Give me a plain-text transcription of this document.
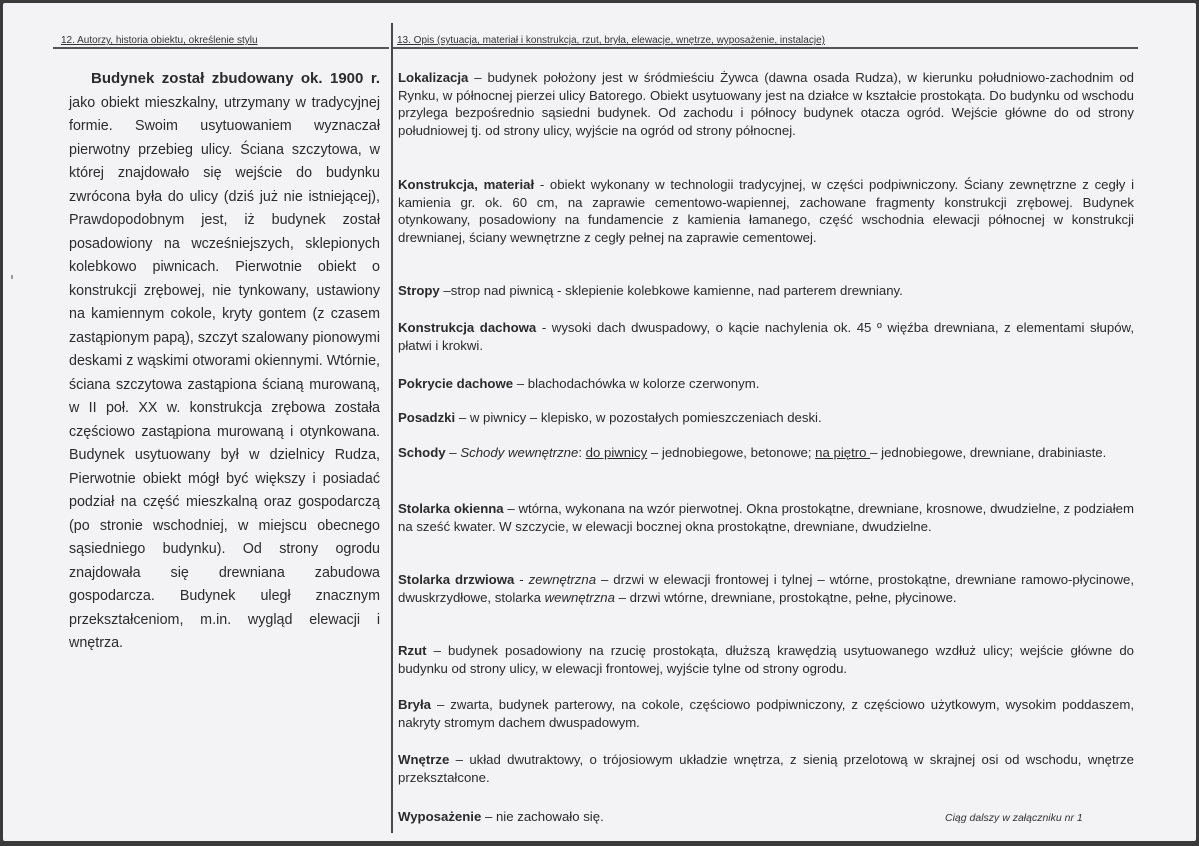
12. Autorzy, historia obiektu, określenie stylu	13. Opis (sytuacja, materiał i konstrukcja, rzut, bryła, elewacje, wnętrze, wyposażenie, instalacje)

Budynek został zbudowany ok. 1900 r. jako obiekt mieszkalny, utrzymany w tradycyjnej formie. Swoim usytuowaniem wyznaczał pierwotny przebieg ulicy. Ściana szczytowa, w której znajdowało się wejście do budynku zwrócona była do ulicy (dziś już nie istniejącej), Prawdopodobnym jest, iż budynek został posadowiony na wcześniejszych, sklepionych kolebkowo piwnicach. Pierwotnie obiekt o konstrukcji zrębowej, nie tynkowany, ustawiony na kamiennym cokole, kryty gontem (z czasem zastąpionym papą), szczyt szalowany pionowymi deskami z wąskimi otworami okiennymi. Wtórnie, ściana szczytowa zastąpiona ścianą murowaną, w II poł. XX w. konstrukcja zrębowa została częściowo zastąpiona murowaną i otynkowana. Budynek usytuowany był w dzielnicy Rudza, Pierwotnie obiekt mógł być większy i posiadać podział na część mieszkalną oraz gospodarczą (po stronie wschodniej, w miejscu obecnego sąsiedniego budynku). Od strony ogrodu znajdowała się drewniana zabudowa gospodarcza. Budynek uległ znacznym przekształceniom, m.in. wygląd elewacji i wnętrza.

Lokalizacja – budynek położony jest w śródmieściu Żywca (dawna osada Rudza), w kierunku południowo-zachodnim od Rynku, w północnej pierzei ulicy Batorego. Obiekt usytuowany jest na działce w kształcie prostokąta. Do budynku od wschodu przylega bezpośrednio sąsiedni budynek. Od zachodu i północy budynek otacza ogród. Wejście główne do od strony południowej tj. od strony ulicy, wyjście na ogród od strony północnej.
Konstrukcja, materiał - obiekt wykonany w technologii tradycyjnej, w części podpiwniczony. Ściany zewnętrzne z cegły i kamienia gr. ok. 60 cm, na zaprawie cementowo-wapiennej, zachowane fragmenty konstrukcji zrębowej. Budynek otynkowany, posadowiony na fundamencie z kamienia łamanego, część wschodnia elewacji północnej w konstrukcji drewnianej, ściany wewnętrzne z cegły pełnej na zaprawie cementowej.
Stropy –strop nad piwnicą - sklepienie kolebkowe kamienne, nad parterem drewniany.
Konstrukcja dachowa - wysoki dach dwuspadowy, o kącie nachylenia ok. 45 º więźba drewniana, z elementami słupów, płatwi i krokwi.
Pokrycie dachowe – blachodachówka w kolorze czerwonym.
Posadzki – w piwnicy – klepisko, w pozostałych pomieszczeniach deski.
Schody – Schody wewnętrzne: do piwnicy – jednobiegowe, betonowe; na piętro – jednobiegowe, drewniane, drabiniaste.
Stolarka okienna – wtórna, wykonana na wzór pierwotnej. Okna prostokątne, drewniane, krosnowe, dwudzielne, z podziałem na sześć kwater. W szczycie, w elewacji bocznej okna prostokątne, drewniane, dwudzielne.
Stolarka drzwiowa - zewnętrzna – drzwi w elewacji frontowej i tylnej – wtórne, prostokątne, drewniane ramowo-płycinowe, dwuskrzydłowe, stolarka wewnętrzna – drzwi wtórne, drewniane, prostokątne, pełne, płycinowe.
Rzut – budynek posadowiony na rzucię prostokąta, dłuższą krawędzią usytuowanego wzdłuż ulicy; wejście główne do budynku od strony ulicy, w elewacji frontowej, wyjście tylne od strony ogrodu.
Bryła – zwarta, budynek parterowy, na cokole, częściowo podpiwniczony, z częściowo użytkowym, wysokim poddaszem, nakryty stromym dachem dwuspadowym.
Wnętrze – układ dwutraktowy, o trójosiowym układzie wnętrza, z sienią przelotową w skrajnej osi od wschodu, wnętrze przekształcone.
Wyposażenie – nie zachowało się.	Ciąg dalszy w załączniku nr 1
